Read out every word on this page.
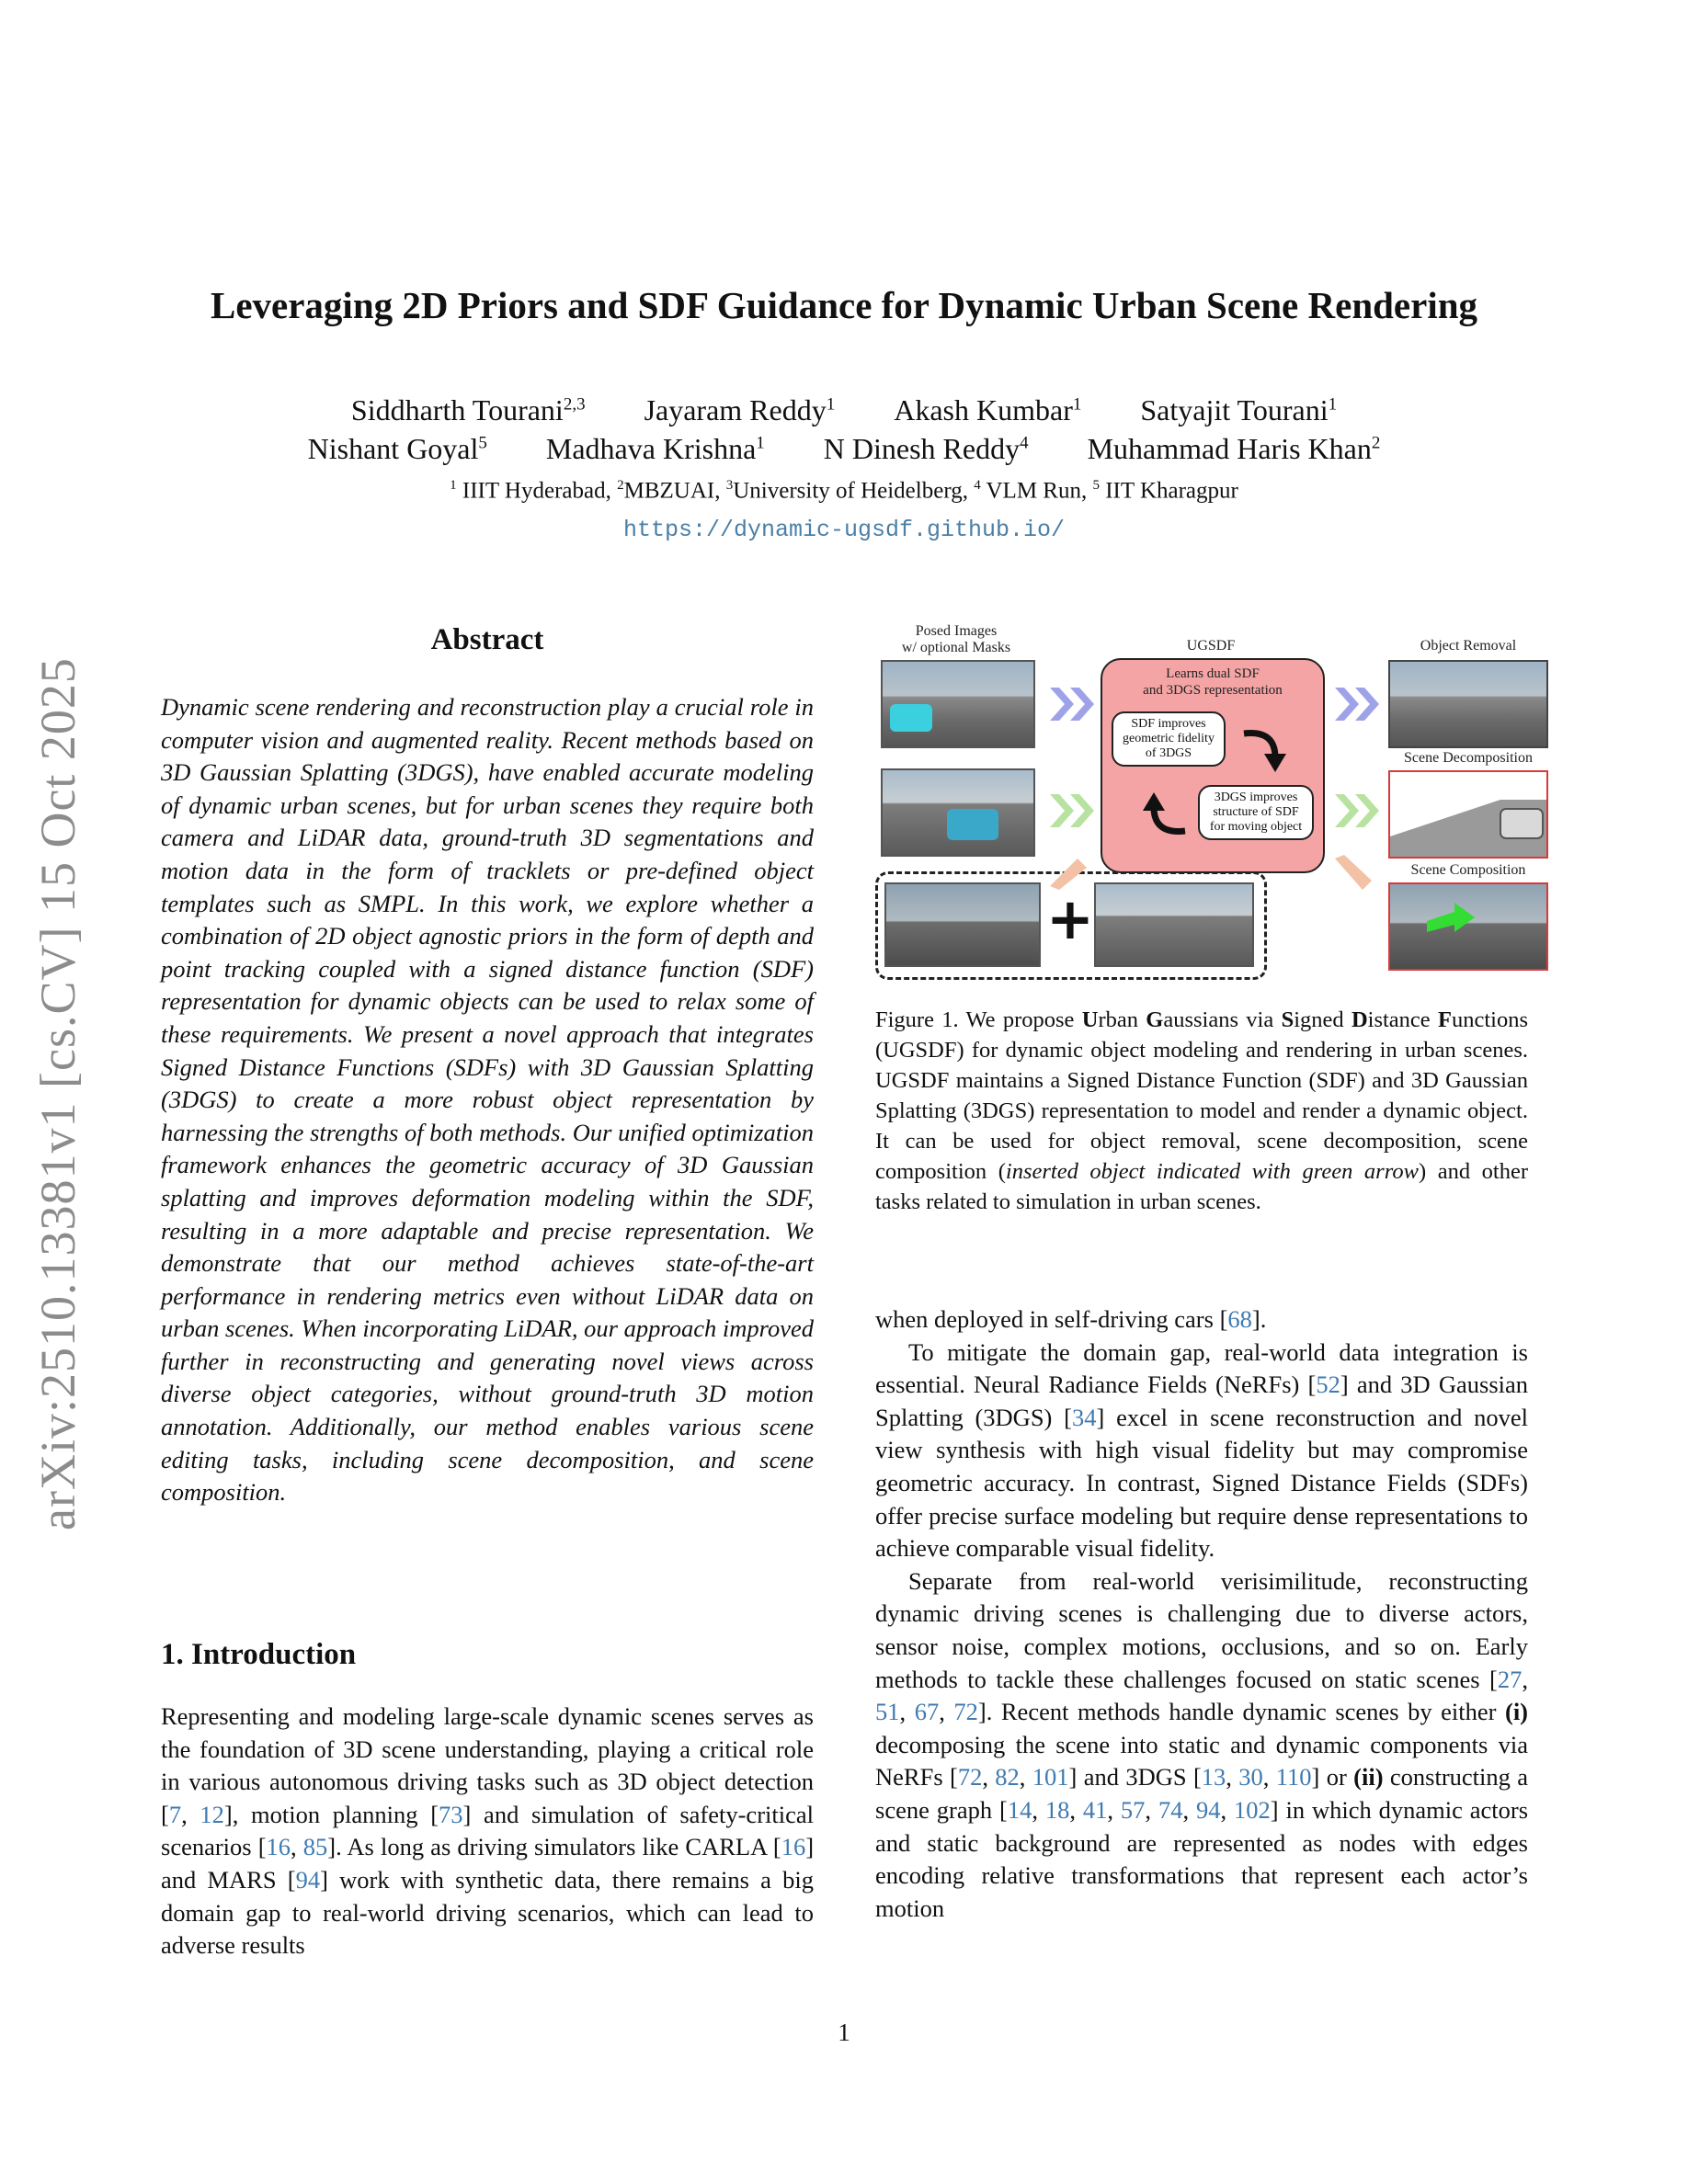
arXiv:2510.13381v1 [cs.CV] 15 Oct 2025
Leveraging 2D Priors and SDF Guidance for Dynamic Urban Scene Rendering
Siddharth Tourani$^{2,3}$ Jayaram Reddy$^1$ Akash Kumbar$^1$ Satyajit Tourani$^1$
Nishant Goyal$^5$ Madhava Krishna$^1$ N Dinesh Reddy$^4$ Muhammad Haris Khan$^2$
$^1$ IIIT Hyderabad, $^2$MBZUAI, $^3$University of Heidelberg, $^4$ VLM Run, $^5$ IIT Kharagpur
https://dynamic-ugsdf.github.io/
Abstract
Dynamic scene rendering and reconstruction play a crucial role in computer vision and augmented reality. Recent methods based on 3D Gaussian Splatting (3DGS), have enabled accurate modeling of dynamic urban scenes, but for urban scenes they require both camera and LiDAR data, ground-truth 3D segmentations and motion data in the form of tracklets or pre-defined object templates such as SMPL. In this work, we explore whether a combination of 2D object agnostic priors in the form of depth and point tracking coupled with a signed distance function (SDF) representation for dynamic objects can be used to relax some of these requirements. We present a novel approach that integrates Signed Distance Functions (SDFs) with 3D Gaussian Splatting (3DGS) to create a more robust object representation by harnessing the strengths of both methods. Our unified optimization framework enhances the geometric accuracy of 3D Gaussian splatting and improves deformation modeling within the SDF, resulting in a more adaptable and precise representation. We demonstrate that our method achieves state-of-the-art performance in rendering metrics even without LiDAR data on urban scenes. When incorporating LiDAR, our approach improved further in reconstructing and generating novel views across diverse object categories, without ground-truth 3D motion annotation. Additionally, our method enables various scene editing tasks, including scene decomposition, and scene composition.
1. Introduction
Representing and modeling large-scale dynamic scenes serves as the foundation of 3D scene understanding, playing a critical role in various autonomous driving tasks such as 3D object detection [7, 12], motion planning [73] and simulation of safety-critical scenarios [16, 85]. As long as driving simulators like CARLA [16] and MARS [94] work with synthetic data, there remains a big domain gap to real-world driving scenarios, which can lead to adverse results
Posed Images
w/ optional Masks	UGSDF	Object Removal
Scene Decomposition
Scene Composition
+
Learns dual SDF
and 3DGS representation
SDF improves
geometric fidelity
of 3DGS
3DGS improves
structure of SDF
for moving object
Figure 1. We propose Urban Gaussians via Signed Distance Functions (UGSDF) for dynamic object modeling and rendering in urban scenes. UGSDF maintains a Signed Distance Function (SDF) and 3D Gaussian Splatting (3DGS) representation to model and render a dynamic object. It can be used for object removal, scene decomposition, scene composition (inserted object indicated with green arrow) and other tasks related to simulation in urban scenes.

when deployed in self-driving cars [68].

To mitigate the domain gap, real-world data integration is essential. Neural Radiance Fields (NeRFs) [52] and 3D Gaussian Splatting (3DGS) [34] excel in scene reconstruction and novel view synthesis with high visual fidelity but may compromise geometric accuracy. In contrast, Signed Distance Fields (SDFs) offer precise surface modeling but require dense representations to achieve comparable visual fidelity.

Separate from real-world verisimilitude, reconstructing dynamic driving scenes is challenging due to diverse actors, sensor noise, complex motions, occlusions, and so on. Early methods to tackle these challenges focused on static scenes [27, 51, 67, 72]. Recent methods handle dynamic scenes by either (i) decomposing the scene into static and dynamic components via NeRFs [72, 82, 101] and 3DGS [13, 30, 110] or (ii) constructing a scene graph [14, 18, 41, 57, 74, 94, 102] in which dynamic actors and static background are represented as nodes with edges encoding relative transformations that represent each actor’s motion

1
